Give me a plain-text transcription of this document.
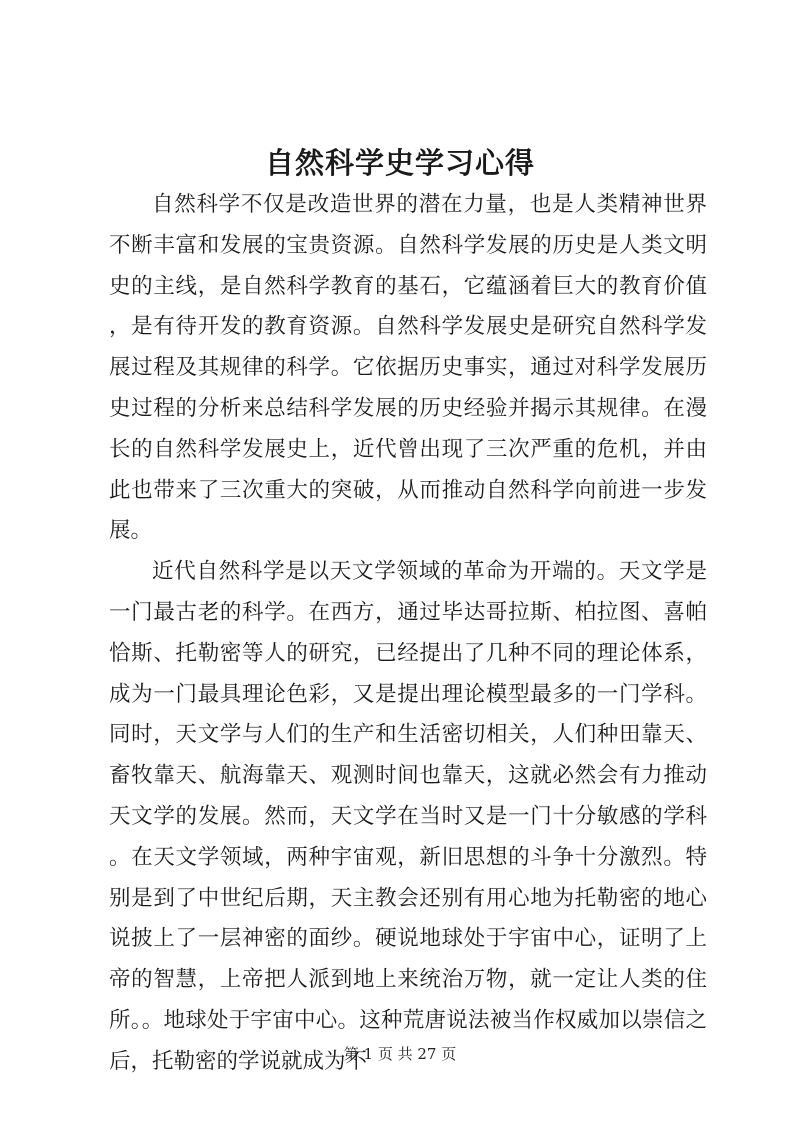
自然科学史学习心得

自然科学不仅是改造世界的潜在力量，也是人类精神世界不断丰富和发展的宝贵资源。自然科学发展的历史是人类文明史的主线，是自然科学教育的基石，它蕴涵着巨大的教育价值，是有待开发的教育资源。自然科学发展史是研究自然科学发展过程及其规律的科学。它依据历史事实，通过对科学发展历史过程的分析来总结科学发展的历史经验并揭示其规律。在漫长的自然科学发展史上，近代曾出现了三次严重的危机，并由此也带来了三次重大的突破，从而推动自然科学向前进一步发展。

近代自然科学是以天文学领域的革命为开端的。天文学是一门最古老的科学。在西方，通过毕达哥拉斯、柏拉图、喜帕恰斯、托勒密等人的研究，已经提出了几种不同的理论体系，成为一门最具理论色彩，又是提出理论模型最多的一门学科。同时，天文学与人们的生产和生活密切相关，人们种田靠天、畜牧靠天、航海靠天、观测时间也靠天，这就必然会有力推动天文学的发展。然而，天文学在当时又是一门十分敏感的学科。在天文学领域，两种宇宙观，新旧思想的斗争十分激烈。特别是到了中世纪后期，天主教会还别有用心地为托勒密的地心说披上了一层神密的面纱。硬说地球处于宇宙中心，证明了上帝的智慧，上帝把人派到地上来统治万物，就一定让人类的住所。。地球处于宇宙中心。这种荒唐说法被当作权威加以崇信之后，托勒密的学说就成为不

第 1 页 共 27 页
